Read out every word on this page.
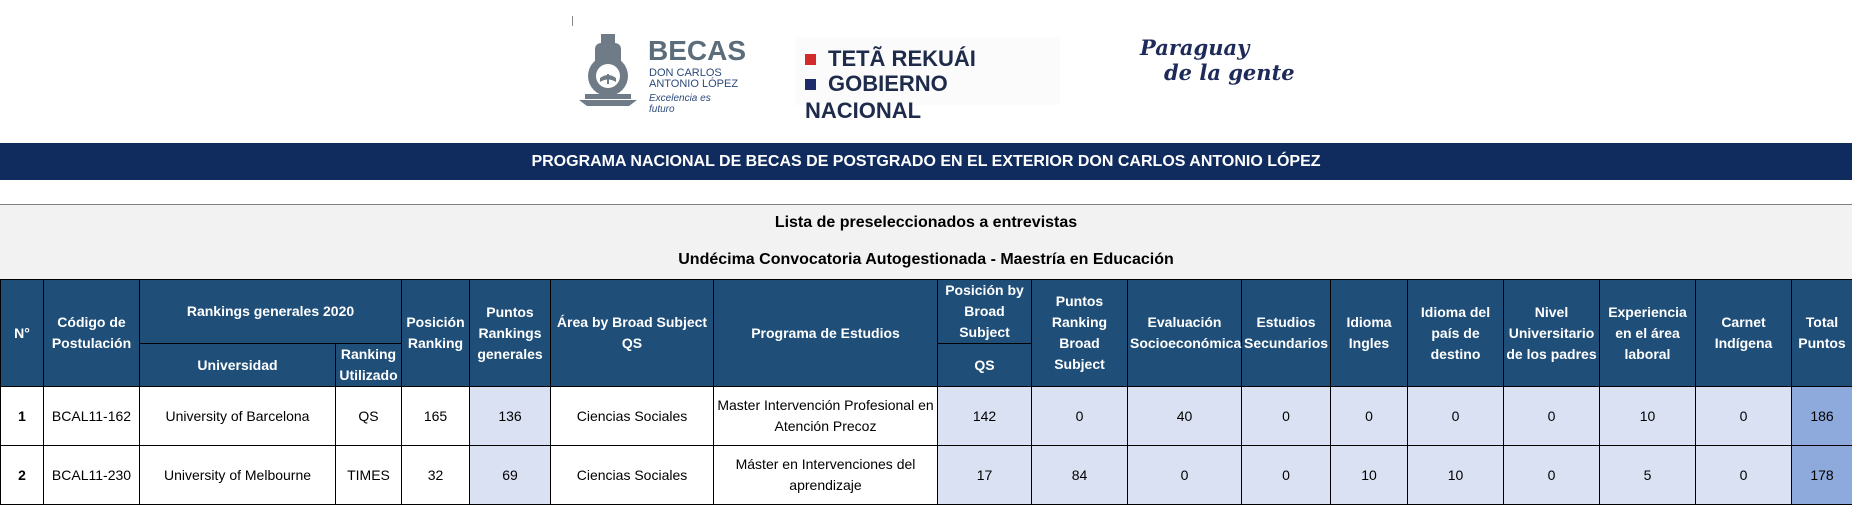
BECAS
DON CARLOS
ANTONIO LÓPEZ
Excelencia es futuro
TETÃ REKUÁI
GOBIERNO NACIONAL
Paraguay
de la gente
PROGRAMA NACIONAL DE BECAS DE POSTGRADO EN EL EXTERIOR DON CARLOS ANTONIO LÓPEZ
Lista de preseleccionados a entrevistas
Undécima Convocatoria Autogestionada - Maestría en Educación
N°	Código de Postulación	Rankings generales 2020		Posición Ranking	Puntos Rankings generales	Área by Broad Subject QS	Programa de Estudios	Posición by Broad Subject	Puntos Ranking Broad Subject	Evaluación Socioeconómica	Estudios Secundarios	Idioma Ingles	Idioma del país de destino	Nivel Universitario de los padres	Experiencia en el área laboral	Carnet Indígena	Total Puntos
		Universidad	Ranking Utilizado					QS									
1	BCAL11-162	University of Barcelona	QS	165	136	Ciencias Sociales	Master Intervención Profesional en Atención Precoz	142	0	40	0	0	0	0	10	0	186
2	BCAL11-230	University of Melbourne	TIMES	32	69	Ciencias Sociales	Máster en Intervenciones del aprendizaje	17	84	0	0	10	10	0	5	0	178
